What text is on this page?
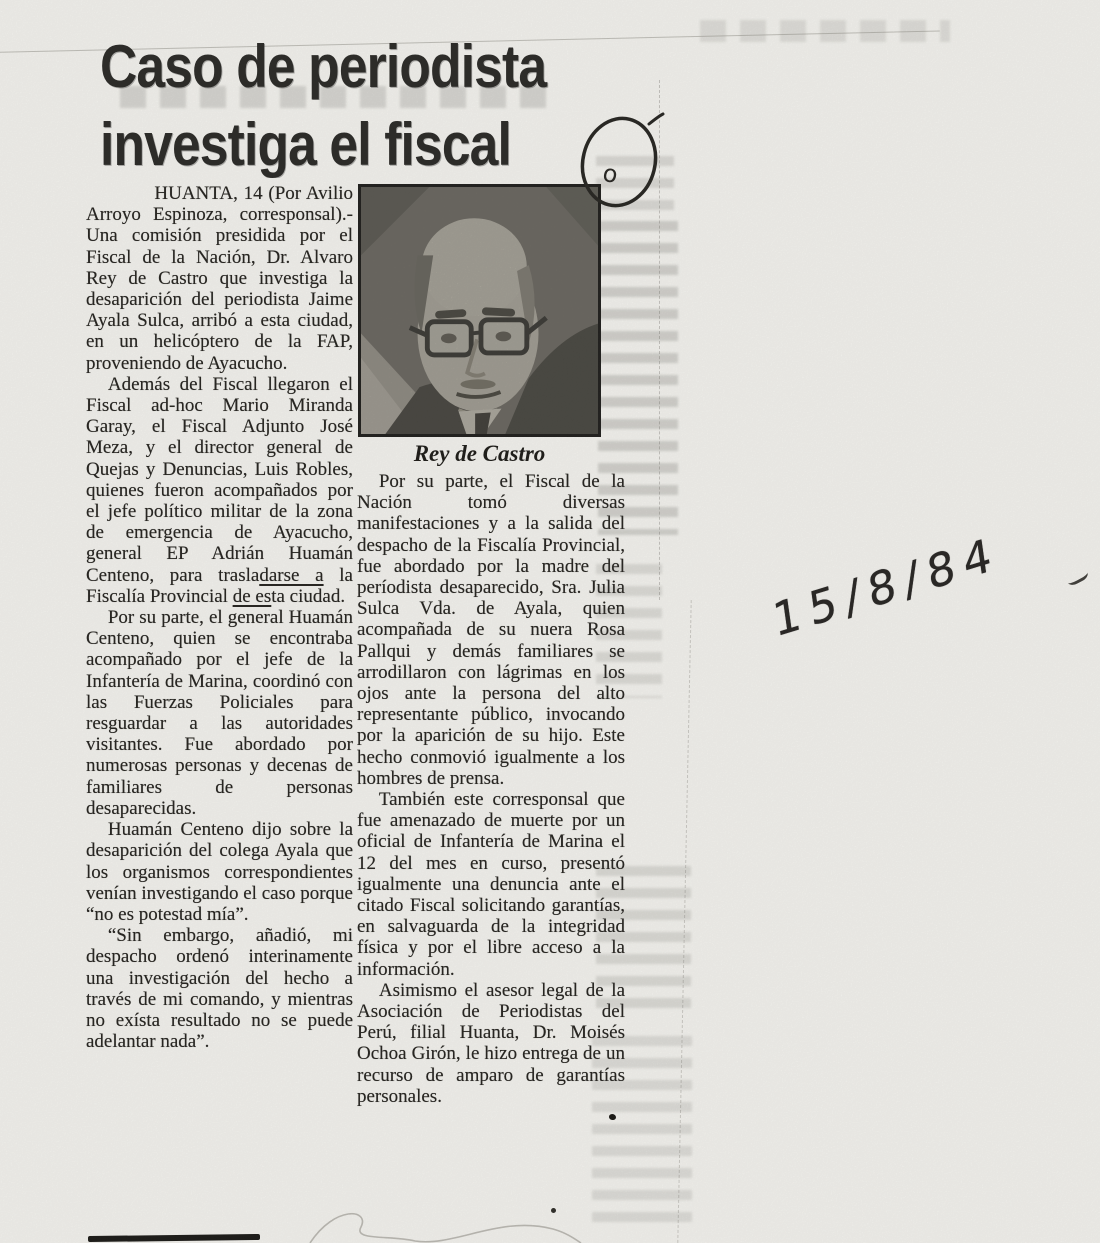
Caso de periodista
investiga el fiscal	o

HUANTA, 14 (Por Avilio Arroyo Espinoza, corresponsal).- Una comisión presidida por el Fiscal de la Nación, Dr. Alvaro Rey de Castro que investiga la desaparición del periodista Jaime Ayala Sulca, arribó a esta ciudad, en un helicóptero de la FAP, proveniendo de Ayacucho.

Además del Fiscal llegaron el Fiscal ad-hoc Mario Miranda Garay, el Fiscal Adjunto José Meza, y el director general de Quejas y Denuncias, Luis Robles, quienes fueron acompañados por el jefe político militar de la zona de emergencia de Ayacucho, general EP Adrián Huamán Centeno, para trasladarse a la Fiscalía Provincial de esta ciudad.

Por su parte, el general Huamán Centeno, quien se encontraba acompañado por el jefe de la Infantería de Marina, coordinó con las Fuerzas Policiales para resguardar a las autoridades visitantes. Fue abordado por numerosas personas y decenas de familiares de personas desaparecidas.

Huamán Centeno dijo sobre la desaparición del colega Ayala que los organismos correspondientes venían investigando el caso porque “no es potestad mía”.

“Sin embargo, añadió, mi despacho ordenó interinamente una investigación del hecho a través de mi comando, y mientras no exísta resultado no se puede adelantar nada”.

Rey de Castro

Por su parte, el Fiscal de la Nación tomó diversas manifestaciones y a la salida del despacho de la Fiscalía Provincial, fue abordado por la madre del períodista desaparecido, Sra. Julia Sulca Vda. de Ayala, quien acompañada de su nuera Rosa Pallqui y demás familiares se arrodillaron con lágrimas en los ojos ante la persona del alto representante público, invocando por la aparición de su hijo. Este hecho conmovió igualmente a los hombres de prensa.

También este corresponsal que fue amenazado de muerte por un oficial de Infantería de Marina el 12 del mes en curso, presentó igualmente una denuncia ante el citado Fiscal solicitando garantías, en salvaguarda de la integridad física y por el libre acceso a la información.

Asimismo el asesor legal de la Asociación de Periodistas del Perú, filial Huanta, Dr. Moisés Ochoa Girón, le hizo entrega de un recurso de amparo de garantías personales.

15/8/84
